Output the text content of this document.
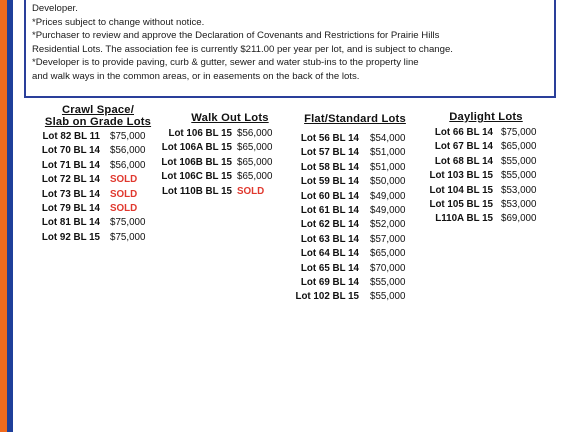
Developer.
*Prices subject to change without notice.
*Purchaser to review and approve the Declaration of Covenants and Restrictions for Prairie Hills
Residential Lots. The association fee is currently $211.00 per year per lot, and is subject to change.
*Developer is to provide paving, curb & gutter, sewer and water stub-ins to the property line
and walk ways in the common areas, or in easements on the back of the lots.
Crawl Space/
Slab on Grade Lots
Lot 82 BL 11 $75,000
Lot 70 BL 14 $56,000
Lot 71 BL 14 $56,000
Lot 72 BL 14 SOLD
Lot 73 BL 14 SOLD
Lot 79 BL 14 SOLD
Lot 81 BL 14 $75,000
Lot 92 BL 15 $75,000
Walk Out Lots
Lot 106 BL 15 $56,000
Lot 106A BL 15 $65,000
Lot 106B BL 15 $65,000
Lot 106C BL 15 $65,000
Lot 110B BL 15 SOLD
Flat/Standard Lots
Lot 56 BL 14 $54,000
Lot 57 BL 14 $51,000
Lot 58 BL 14 $51,000
Lot 59 BL 14 $50,000
Lot 60 BL 14 $49,000
Lot 61 BL 14 $49,000
Lot 62 BL 14 $52,000
Lot 63 BL 14 $57,000
Lot 64 BL 14 $65,000
Lot 65 BL 14 $70,000
Lot 69 BL 14 $55,000
Lot 102 BL 15 $55,000
Daylight Lots
Lot 66 BL 14 $75,000
Lot 67 BL 14 $65,000
Lot 68 BL 14 $55,000
Lot 103 BL 15 $55,000
Lot 104 BL 15 $53,000
Lot 105 BL 15 $53,000
L110A BL 15 $69,000
